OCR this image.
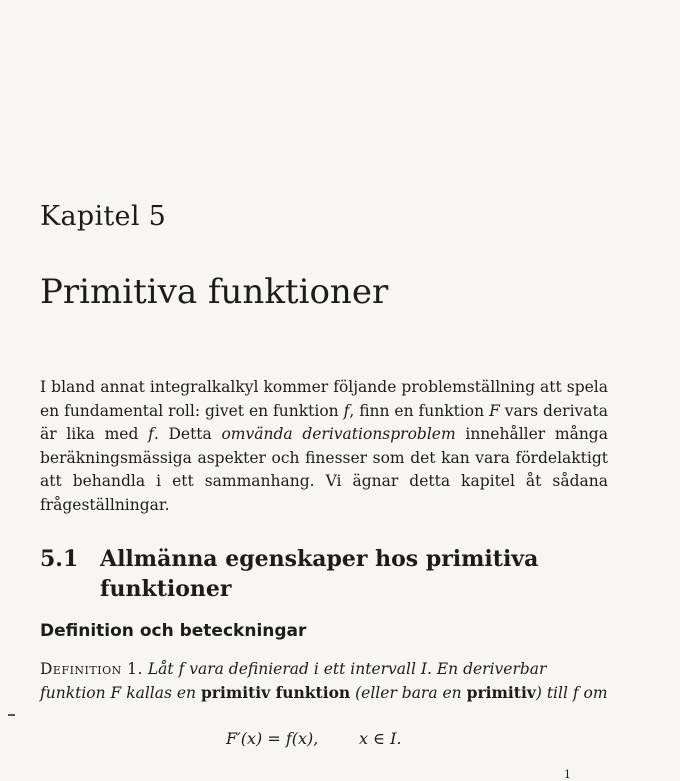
Kapitel 5
Primitiva funktioner

I bland annat integralkalkyl kommer följande problemställning att spela en fundamental roll: givet en funktion f, finn en funktion F vars derivata är lika med f. Detta omvända derivationsproblem innehåller många beräkningsmässiga aspekter och finesser som det kan vara fördelaktigt att behandla i ett sammanhang. Vi ägnar detta kapitel åt sådana frågeställningar.

5.1 Allmänna egenskaper hos primitiva funktioner
Definition och beteckningar

Definition 1. Låt f vara definierad i ett intervall I. En deriverbar funktion F kallas en primitiv funktion (eller bara en primitiv) till f om

F′(x) = f(x),        x ∈ I.
1
